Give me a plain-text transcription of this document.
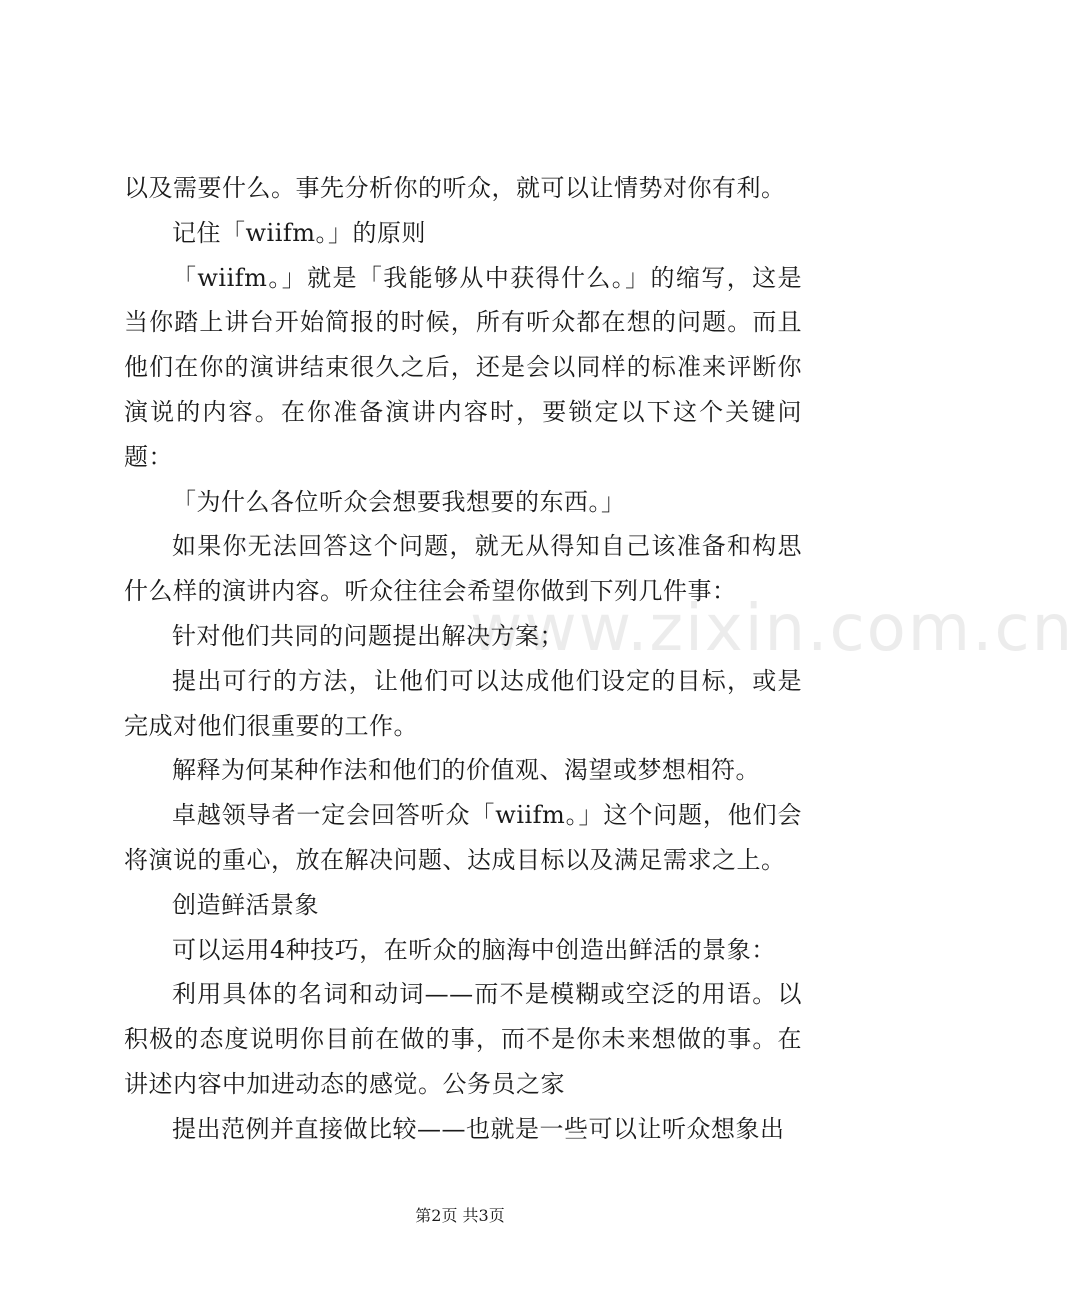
www.zixin.com.cn

以及需要什么。事先分析你的听众，就可以让情势对你有利。

记住「wiifm。」的原则

「wiifm。」就是「我能够从中获得什么。」的缩写，这是当你踏上讲台开始简报的时候，所有听众都在想的问题。而且他们在你的演讲结束很久之后，还是会以同样的标准来评断你演说的内容。在你准备演讲内容时，要锁定以下这个关键问题：

「为什么各位听众会想要我想要的东西。」

如果你无法回答这个问题，就无从得知自己该准备和构思什么样的演讲内容。听众往往会希望你做到下列几件事：

针对他们共同的问题提出解决方案；

提出可行的方法，让他们可以达成他们设定的目标，或是完成对他们很重要的工作。

解释为何某种作法和他们的价值观、渴望或梦想相符。

卓越领导者一定会回答听众「wiifm。」这个问题，他们会将演说的重心，放在解决问题、达成目标以及满足需求之上。

创造鲜活景象

可以运用4种技巧，在听众的脑海中创造出鲜活的景象：

利用具体的名词和动词——而不是模糊或空泛的用语。以积极的态度说明你目前在做的事，而不是你未来想做的事。在讲述内容中加进动态的感觉。公务员之家

提出范例并直接做比较——也就是一些可以让听众想象出

第2页 共3页
